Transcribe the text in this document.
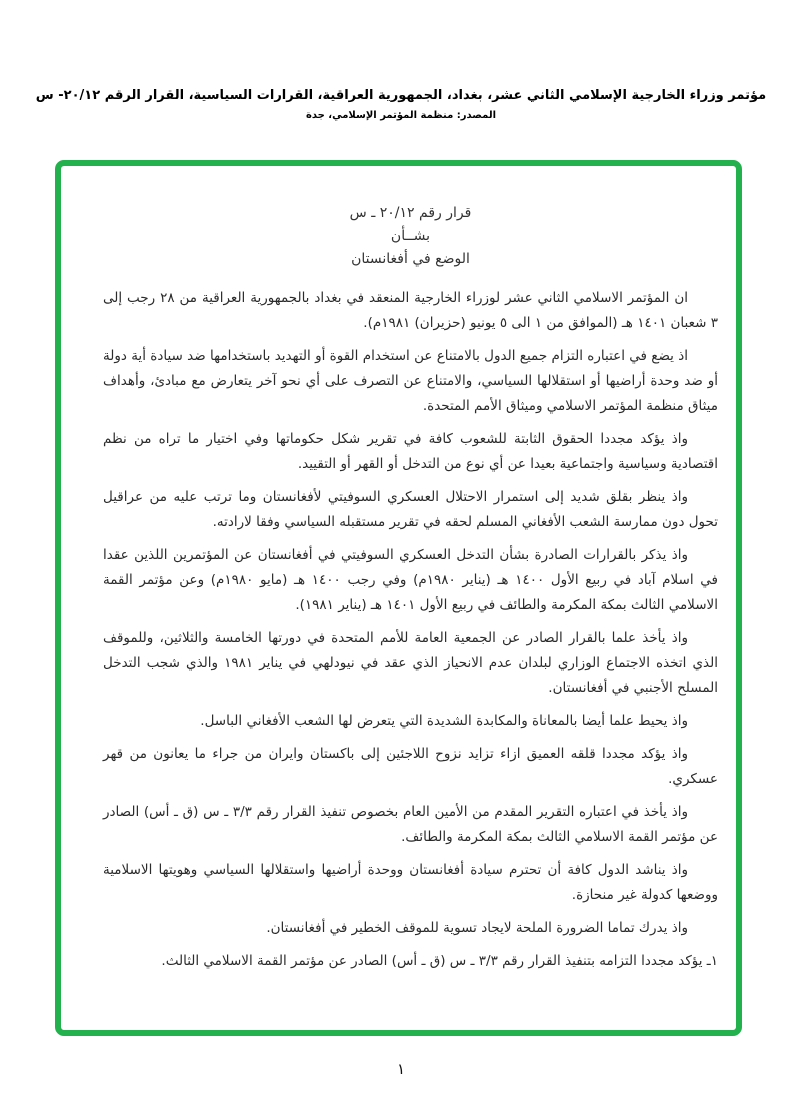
مؤتمر وزراء الخارجية الإسلامي الثاني عشر، بغداد، الجمهورية العراقية، القرارات السياسية، القرار الرقم ٢٠/١٢- س
المصدر: منظمة المؤتمر الإسلامي، جدة
قرار رقم ٢٠/١٢ ـ س
بشــأن
الوضع في أفغانستان

ان المؤتمر الاسلامي الثاني عشر لوزراء الخارجية المنعقد في بغداد بالجمهورية العراقية من ٢٨ رجب إلى ٣ شعبان ١٤٠١ هـ (الموافق من ١ الى ٥ يونيو (حزيران) ١٩٨١م).

اذ يضع في اعتباره التزام جميع الدول بالامتناع عن استخدام القوة أو التهديد باستخدامها ضد سيادة أية دولة أو ضد وحدة أراضيها أو استقلالها السياسي، والامتناع عن التصرف على أي نحو آخر يتعارض مع مبادئ، وأهداف ميثاق منظمة المؤتمر الاسلامي وميثاق الأمم المتحدة.

واذ يؤكد مجددا الحقوق الثابتة للشعوب كافة في تقرير شكل حكوماتها وفي اختيار ما تراه من نظم اقتصادية وسياسية واجتماعية بعيدا عن أي نوع من التدخل أو القهر أو التقييد.

واذ ينظر بقلق شديد إلى استمرار الاحتلال العسكري السوفيتي لأفغانستان وما ترتب عليه من عراقيل تحول دون ممارسة الشعب الأفغاني المسلم لحقه في تقرير مستقبله السياسي وفقا لارادته.

واذ يذكر بالقرارات الصادرة بشأن التدخل العسكري السوفيتي في أفغانستان عن المؤتمرين اللذين عقدا في اسلام آباد في ربيع الأول ١٤٠٠ هـ (يناير ١٩٨٠م) وفي رجب ١٤٠٠ هـ (مايو ١٩٨٠م) وعن مؤتمر القمة الاسلامي الثالث بمكة المكرمة والطائف في ربيع الأول ١٤٠١ هـ (يناير ١٩٨١).

واذ يأخذ علما بالقرار الصادر عن الجمعية العامة للأمم المتحدة في دورتها الخامسة والثلاثين، وللموقف الذي اتخذه الاجتماع الوزاري لبلدان عدم الانحياز الذي عقد في نيودلهي في يناير ١٩٨١ والذي شجب التدخل المسلح الأجنبي في أفغانستان.

واذ يحيط علما أيضا بالمعاناة والمكابدة الشديدة التي يتعرض لها الشعب الأفغاني الباسل.

واذ يؤكد مجددا قلقه العميق ازاء تزايد نزوح اللاجئين إلى باكستان وايران من جراء ما يعانون من قهر عسكري.

واذ يأخذ في اعتباره التقرير المقدم من الأمين العام بخصوص تنفيذ القرار رقم ٣/٣ ـ س (ق ـ أس) الصادر عن مؤتمر القمة الاسلامي الثالث بمكة المكرمة والطائف.

واذ يناشد الدول كافة أن تحترم سيادة أفغانستان ووحدة أراضيها واستقلالها السياسي وهويتها الاسلامية ووضعها كدولة غير منحازة.

واذ يدرك تماما الضرورة الملحة لايجاد تسوية للموقف الخطير في أفغانستان.

١ـ يؤكد مجددا التزامه بتنفيذ القرار رقم ٣/٣ ـ س (ق ـ أس) الصادر عن مؤتمر القمة الاسلامي الثالث.

١
